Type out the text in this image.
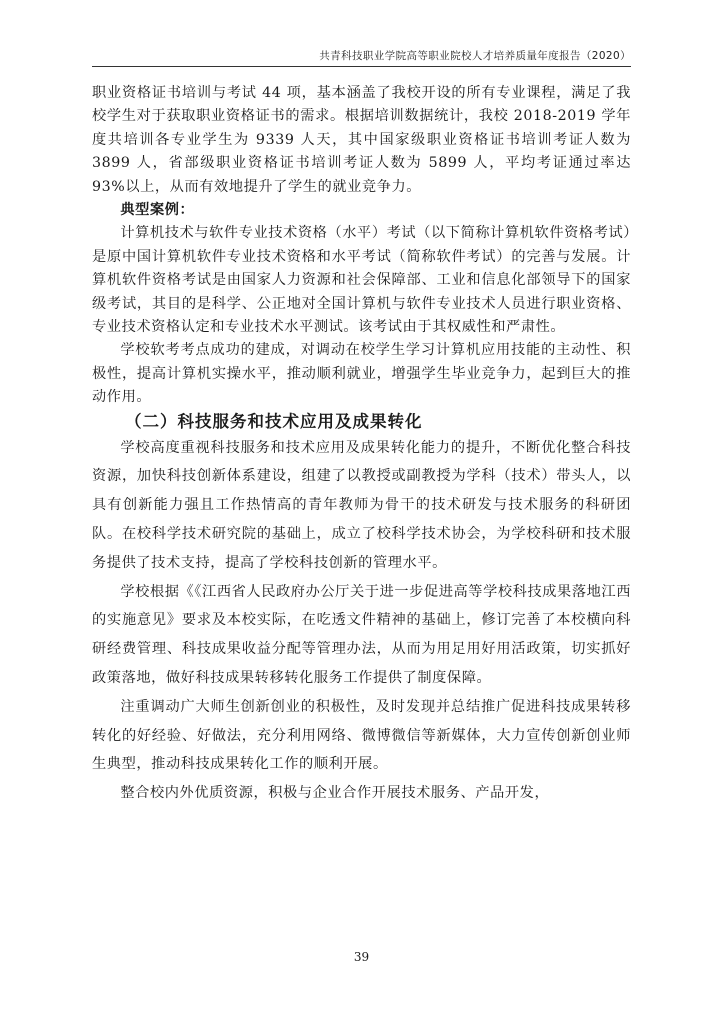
共青科技职业学院高等职业院校人才培养质量年度报告（2020）

职业资格证书培训与考试 44 项，基本涵盖了我校开设的所有专业课程，满足了我校学生对于获取职业资格证书的需求。根据培训数据统计，我校 2018-2019 学年度共培训各专业学生为 9339 人天，其中国家级职业资格证书培训考证人数为 3899 人，省部级职业资格证书培训考证人数为 5899 人，平均考证通过率达 93%以上，从而有效地提升了学生的就业竞争力。

典型案例：

计算机技术与软件专业技术资格（水平）考试（以下简称计算机软件资格考试）是原中国计算机软件专业技术资格和水平考试（简称软件考试）的完善与发展。计算机软件资格考试是由国家人力资源和社会保障部、工业和信息化部领导下的国家级考试，其目的是科学、公正地对全国计算机与软件专业技术人员进行职业资格、专业技术资格认定和专业技术水平测试。该考试由于其权威性和严肃性。

学校软考考点成功的建成，对调动在校学生学习计算机应用技能的主动性、积极性，提高计算机实操水平，推动顺利就业，增强学生毕业竞争力，起到巨大的推动作用。

（二）科技服务和技术应用及成果转化

学校高度重视科技服务和技术应用及成果转化能力的提升，不断优化整合科技资源，加快科技创新体系建设，组建了以教授或副教授为学科（技术）带头人，以具有创新能力强且工作热情高的青年教师为骨干的技术研发与技术服务的科研团队。在校科学技术研究院的基础上，成立了校科学技术协会，为学校科研和技术服务提供了技术支持，提高了学校科技创新的管理水平。

学校根据《《江西省人民政府办公厅关于进一步促进高等学校科技成果落地江西的实施意见》要求及本校实际，在吃透文件精神的基础上，修订完善了本校横向科研经费管理、科技成果收益分配等管理办法，从而为用足用好用活政策，切实抓好政策落地，做好科技成果转移转化服务工作提供了制度保障。

注重调动广大师生创新创业的积极性，及时发现并总结推广促进科技成果转移转化的好经验、好做法，充分利用网络、微博微信等新媒体，大力宣传创新创业师生典型，推动科技成果转化工作的顺利开展。

整合校内外优质资源，积极与企业合作开展技术服务、产品开发，

39
